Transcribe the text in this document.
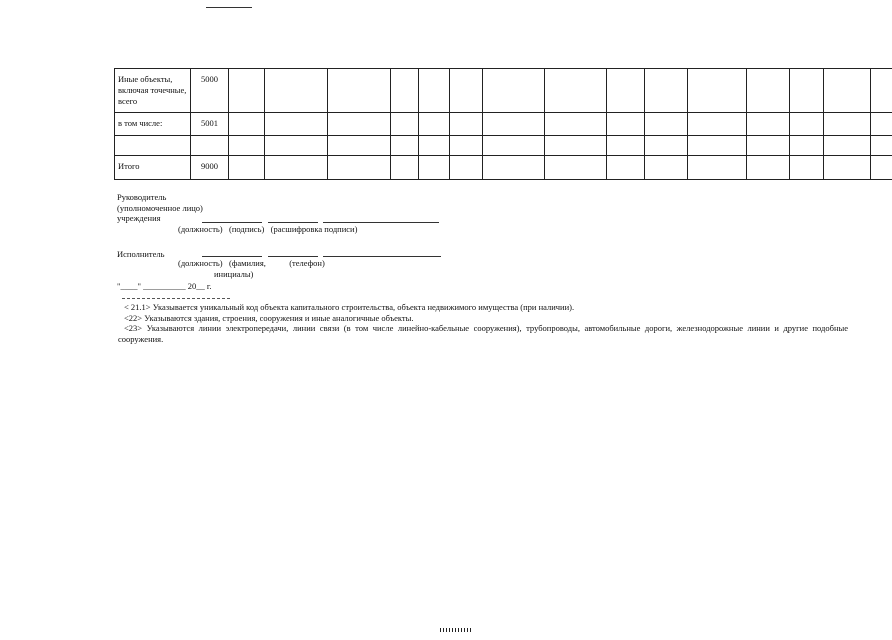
Иные объекты, включая точечные, всего	5000															
в том числе:	5001															

Итого	9000															
Руководитель
(уполномоченное лицо)
учреждения
(должность)   (подпись)   (расшифровка подписи)
Исполнитель
(должность)   (фамилия,           (телефон)
инициалы)
"____" __________ 20__ г.

< 21.1> Указывается уникальный код объекта капитального строительства, объекта недвижимого имущества (при наличии).

<22> Указываются здания, строения, сооружения и иные аналогичные объекты.

<23> Указываются линии электропередачи, линии связи (в том числе линейно-кабельные сооружения), трубопроводы, автомобильные дороги, железнодорожные линии и другие подобные сооружения.
